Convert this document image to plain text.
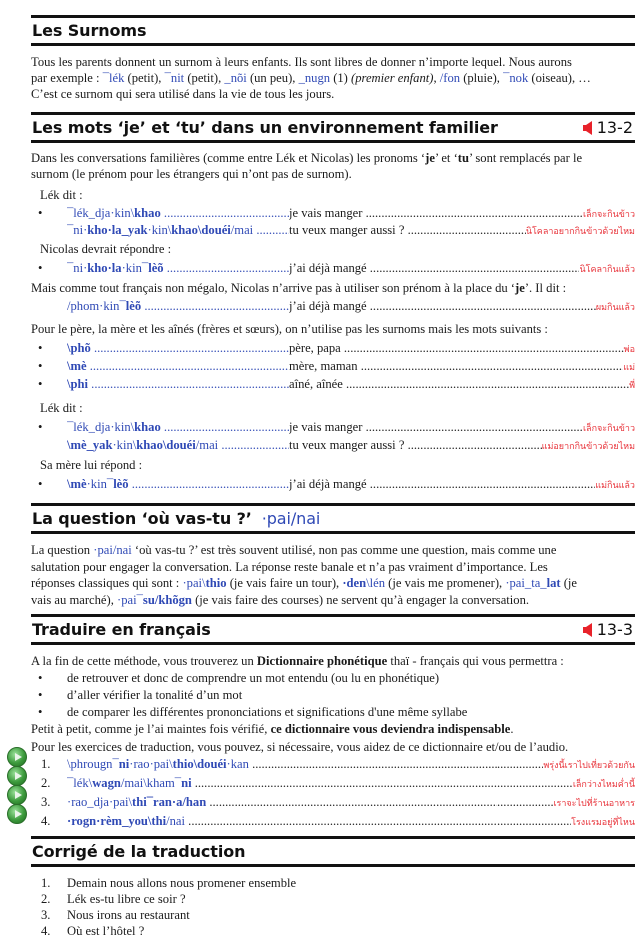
Les Surnoms
Tous les parents donnent un surnom à leurs enfants. Ils sont libres de donner n’importe lequel. Nous aurons
par exemple : ¯lék (petit), ¯nit (petit), _nõi (un peu), _nugn (1) (premier enfant), /fon (pluie), ¯nok (oiseau), …
C’est ce surnom qui sera utilisé dans la vie de tous les jours.
Les mots ‘je’ et ‘tu’ dans un environnement familier	13-2
Dans les conversations familières (comme entre Lék et Nicolas) les pronoms ‘je’ et ‘tu’ sont remplacés par le
surnom (le prénom pour les étrangers qui n’ont pas de surnom).
Lék dit :
•	¯lék_dja·kin\khao .....	je vais manger .....	เล็กจะกินข้าว
¯ni·kho·la_yak·kin\khao\douéi/mai .....	tu veux manger aussi ? .....	นิโคลาอยากกินข้าวด้วยไหม
Nicolas devrait répondre :
•	¯ni·kho·la·kin¯lèõ .....	j’ai déjà mangé .....	นิโคลากินแล้ว
Mais comme tout français non mégalo, Nicolas n’arrive pas à utiliser son prénom à la place du ‘je’. Il dit :
/phom·kin¯lèõ .....	j’ai déjà mangé .....	ผมกินแล้ว
Pour le père, la mère et les aînés (frères et sœurs), on n’utilise pas les surnoms mais les mots suivants :
•	\phõ .....	père, papa .....	พ่อ
•	\mè .....	mère, maman .....	แม่
•	\phi .....	aîné, aînée .....	พี่
Lék dit :
•	¯lék_dja·kin\khao .....	je vais manger .....	เล็กจะกินข้าว
\mè_yak·kin\khao\douéi/mai .....	tu veux manger aussi ? .....	แม่อยากกินข้าวด้วยไหม
Sa mère lui répond :
•	\mè·kin¯lèõ .....	j’ai déjà mangé .....	แม่กินแล้ว
La question ‘où vas-tu ?’ ·pai/nai
La question ·pai/nai ‘où vas-tu ?’ est très souvent utilisé, non pas comme une question, mais comme une
salutation pour engager la conversation. La réponse reste banale et n’a pas vraiment d’importance. Les
réponses classiques qui sont : ·pai\thio (je vais faire un tour), ·den\lén (je vais me promener), ·pai_ta_lat (je
vais au marché), ·pai¯su/khõgn (je vais faire des courses) ne servent qu’à engager la conversation.
Traduire en français	13-3
A la fin de cette méthode, vous trouverez un Dictionnaire phonétique thaï - français qui vous permettra :
•	de retrouver et donc de comprendre un mot entendu (ou lu en phonétique)
•	d’aller vérifier la tonalité d’un mot
•	de comparer les différentes prononciations et significations d'une même syllabe
Petit à petit, comme je l’ai maintes fois vérifié, ce dictionnaire vous deviendra indispensable.
Pour les exercices de traduction, vous pouvez, si nécessaire, vous aidez de ce dictionnaire et/ou de l’audio.
1.	\phrougn¯ni·rao·pai\thio\douéi·kan ..... .....	พรุ่งนี้เราไปเที่ยวด้วยกัน
2.	¯lék\wagn/mai\kham¯ni ..... .....	เล็กว่างไหมค่ำนี้
3.	·rao_dja·pai\thi¯ran·a/han ..... .....	เราจะไปที่ร้านอาหาร
4.	·rogn·rèm_you\thi/nai ..... .....	โรงแรมอยู่ที่ไหน
Corrigé de la traduction
1.	Demain nous allons nous promener ensemble
2.	Lék es-tu libre ce soir ?
3.	Nous irons au restaurant
4.	Où est l’hôtel ?
